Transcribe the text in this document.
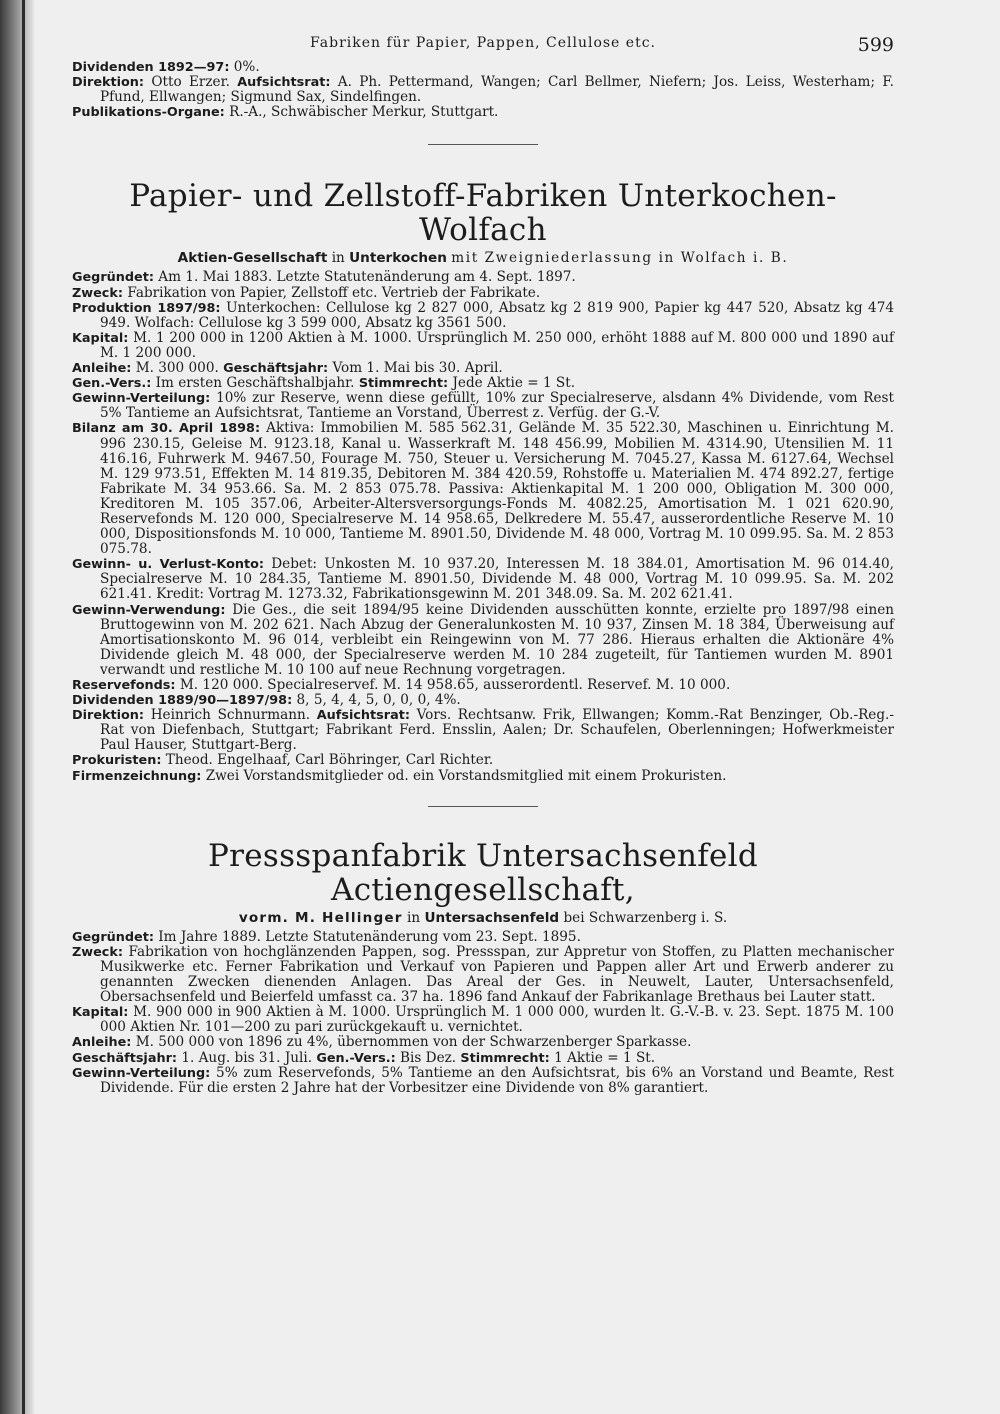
Fabriken für Papier, Pappen, Cellulose etc.	599

Dividenden 1892—97: 0%.

Direktion: Otto Erzer. Aufsichtsrat: A. Ph. Pettermand, Wangen; Carl Bellmer, Niefern; Jos. Leiss, Westerham; F. Pfund, Ellwangen; Sigmund Sax, Sindelfingen.

Publikations-Organe: R.-A., Schwäbischer Merkur, Stuttgart.

Papier- und Zellstoff-Fabriken Unterkochen-Wolfach

Aktien-Gesellschaft in Unterkochen mit Zweigniederlassung in Wolfach i. B.

Gegründet: Am 1. Mai 1883. Letzte Statutenänderung am 4. Sept. 1897.

Zweck: Fabrikation von Papier, Zellstoff etc. Vertrieb der Fabrikate.

Produktion 1897/98: Unterkochen: Cellulose kg 2 827 000, Absatz kg 2 819 900, Papier kg 447 520, Absatz kg 474 949. Wolfach: Cellulose kg 3 599 000, Absatz kg 3561 500.

Kapital: M. 1 200 000 in 1200 Aktien à M. 1000. Ursprünglich M. 250 000, erhöht 1888 auf M. 800 000 und 1890 auf M. 1 200 000.

Anleihe: M. 300 000. Geschäftsjahr: Vom 1. Mai bis 30. April.

Gen.-Vers.: Im ersten Geschäftshalbjahr. Stimmrecht: Jede Aktie = 1 St.

Gewinn-Verteilung: 10% zur Reserve, wenn diese gefüllt, 10% zur Specialreserve, alsdann 4% Dividende, vom Rest 5% Tantieme an Aufsichtsrat, Tantieme an Vorstand, Überrest z. Verfüg. der G.-V.

Bilanz am 30. April 1898: Aktiva: Immobilien M. 585 562.31, Gelände M. 35 522.30, Maschinen u. Einrichtung M. 996 230.15, Geleise M. 9123.18, Kanal u. Wasserkraft M. 148 456.99, Mobilien M. 4314.90, Utensilien M. 11 416.16, Fuhrwerk M. 9467.50, Fourage M. 750, Steuer u. Versicherung M. 7045.27, Kassa M. 6127.64, Wechsel M. 129 973.51, Effekten M. 14 819.35, Debitoren M. 384 420.59, Rohstoffe u. Materialien M. 474 892.27, fertige Fabrikate M. 34 953.66. Sa. M. 2 853 075.78. Passiva: Aktienkapital M. 1 200 000, Obligation M. 300 000, Kreditoren M. 105 357.06, Arbeiter-Altersversorgungs-Fonds M. 4082.25, Amortisation M. 1 021 620.90, Reservefonds M. 120 000, Specialreserve M. 14 958.65, Delkredere M. 55.47, ausserordentliche Reserve M. 10 000, Dispositionsfonds M. 10 000, Tantieme M. 8901.50, Dividende M. 48 000, Vortrag M. 10 099.95. Sa. M. 2 853 075.78.

Gewinn- u. Verlust-Konto: Debet: Unkosten M. 10 937.20, Interessen M. 18 384.01, Amortisation M. 96 014.40, Specialreserve M. 10 284.35, Tantieme M. 8901.50, Dividende M. 48 000, Vortrag M. 10 099.95. Sa. M. 202 621.41. Kredit: Vortrag M. 1273.32, Fabrikationsgewinn M. 201 348.09. Sa. M. 202 621.41.

Gewinn-Verwendung: Die Ges., die seit 1894/95 keine Dividenden ausschütten konnte, erzielte pro 1897/98 einen Bruttogewinn von M. 202 621. Nach Abzug der Generalunkosten M. 10 937, Zinsen M. 18 384, Überweisung auf Amortisationskonto M. 96 014, verbleibt ein Reingewinn von M. 77 286. Hieraus erhalten die Aktionäre 4% Dividende gleich M. 48 000, der Specialreserve werden M. 10 284 zugeteilt, für Tantiemen wurden M. 8901 verwandt und restliche M. 10 100 auf neue Rechnung vorgetragen.

Reservefonds: M. 120 000. Specialreservef. M. 14 958.65, ausserordentl. Reservef. M. 10 000.

Dividenden 1889/90—1897/98: 8, 5, 4, 4, 5, 0, 0, 0, 4%.

Direktion: Heinrich Schnurmann. Aufsichtsrat: Vors. Rechtsanw. Frik, Ellwangen; Komm.-Rat Benzinger, Ob.-Reg.-Rat von Diefenbach, Stuttgart; Fabrikant Ferd. Ensslin, Aalen; Dr. Schaufelen, Oberlenningen; Hofwerkmeister Paul Hauser, Stuttgart-Berg.

Prokuristen: Theod. Engelhaaf, Carl Böhringer, Carl Richter.

Firmenzeichnung: Zwei Vorstandsmitglieder od. ein Vorstandsmitglied mit einem Prokuristen.

Pressspanfabrik Untersachsenfeld Actiengesellschaft,

vorm. M. Hellinger in Untersachsenfeld bei Schwarzenberg i. S.

Gegründet: Im Jahre 1889. Letzte Statutenänderung vom 23. Sept. 1895.

Zweck: Fabrikation von hochglänzenden Pappen, sog. Pressspan, zur Appretur von Stoffen, zu Platten mechanischer Musikwerke etc. Ferner Fabrikation und Verkauf von Papieren und Pappen aller Art und Erwerb anderer zu genannten Zwecken dienenden Anlagen. Das Areal der Ges. in Neuwelt, Lauter, Untersachsenfeld, Obersachsenfeld und Beierfeld umfasst ca. 37 ha. 1896 fand Ankauf der Fabrikanlage Brethaus bei Lauter statt.

Kapital: M. 900 000 in 900 Aktien à M. 1000. Ursprünglich M. 1 000 000, wurden lt. G.-V.-B. v. 23. Sept. 1875 M. 100 000 Aktien Nr. 101—200 zu pari zurückgekauft u. vernichtet.

Anleihe: M. 500 000 von 1896 zu 4%, übernommen von der Schwarzenberger Sparkasse.

Geschäftsjahr: 1. Aug. bis 31. Juli. Gen.-Vers.: Bis Dez. Stimmrecht: 1 Aktie = 1 St.

Gewinn-Verteilung: 5% zum Reservefonds, 5% Tantieme an den Aufsichtsrat, bis 6% an Vorstand und Beamte, Rest Dividende. Für die ersten 2 Jahre hat der Vorbesitzer eine Dividende von 8% garantiert.
